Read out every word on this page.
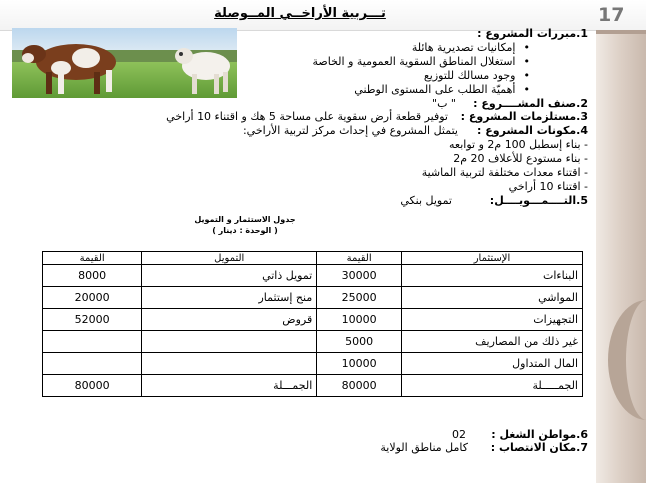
17
تـــربية الأراخــي المــوصلة
1.مبررات المشروع :
• إمكانيات تصديرية هائلة
• استغلال المناطق السقوية العمومية و الخاصة
• وجود مسالك للتوزيع
• أهميّة الطلب على المستوى الوطني
2.صنف المشــــروع :
" ب"
3.مستلزمات المشروع :
توفير قطعة أرض سقوية على مساحة 5 هك و اقتناء 10 أراخي
4.مكونات المشروع :
يتمثل المشروع في إحداث مركز لتربية الأراخي:
- بناء إسطبل 100 م2 و توابعه
- بناء مستودع للأعلاف 20 م2
- اقتناء معدات مختلفة لتربية الماشية
- اقتناء 10 أراخي
5.التــــمـــويــــل:
تمويل بنكي
جدول الاستثمار و التمويل
( الوحدة : دينار )
القيمة	التمويل	القيمة	الإستثمار
8000	تمويل ذاتي	30000	البناءات
20000	منح إستثمار	25000	المواشي
52000	قروض	10000	التجهيزات
		5000	غير ذلك من المصاريف
		10000	المال المتداول
80000	الجمـــلة	80000	الجمـــــلة
6.مواطن الشغل :
02
7.مكان الانتصاب :
كامل مناطق الولاية
